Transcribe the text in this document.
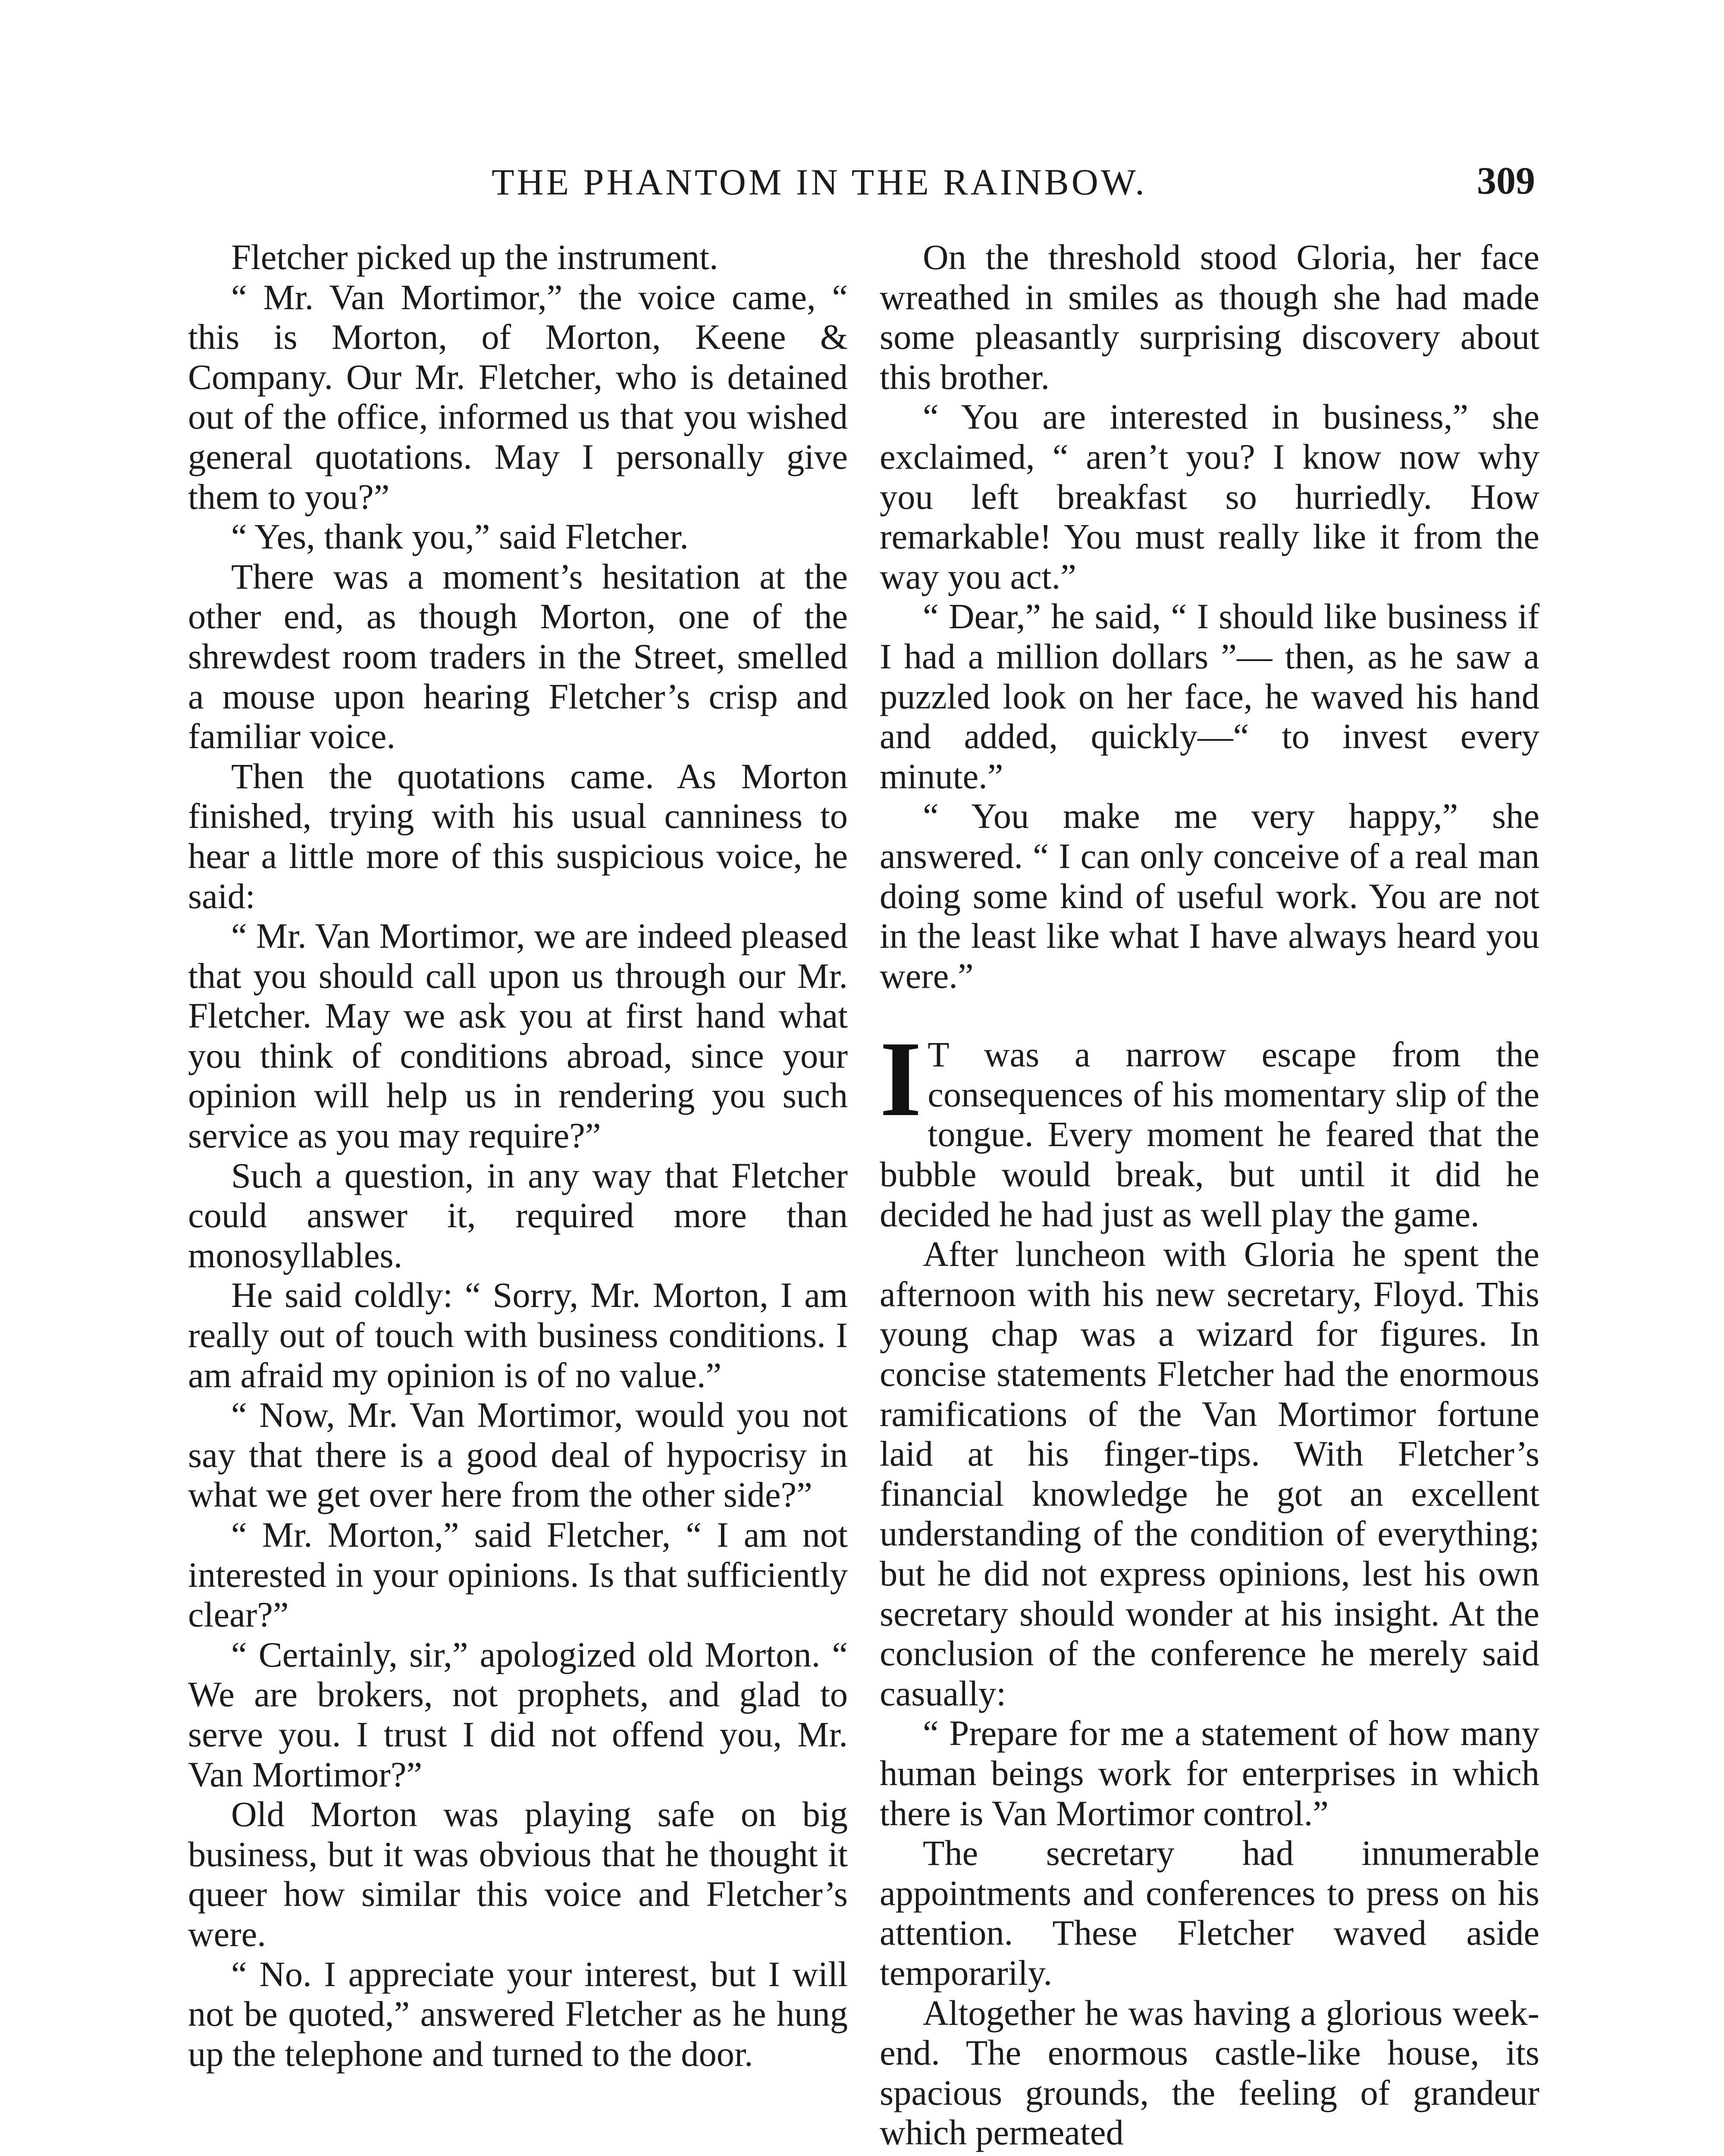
THE PHANTOM IN THE RAINBOW.	309

Fletcher picked up the instrument.

“ Mr. Van Mortimor,” the voice came, “ this is Morton, of Morton, Keene & Company. Our Mr. Fletcher, who is detained out of the office, informed us that you wished general quotations. May I personally give them to you?”

“ Yes, thank you,” said Fletcher.

There was a moment’s hesitation at the other end, as though Morton, one of the shrewdest room traders in the Street, smelled a mouse upon hearing Fletcher’s crisp and familiar voice.

Then the quotations came. As Morton finished, trying with his usual canniness to hear a little more of this suspicious voice, he said:

“ Mr. Van Mortimor, we are indeed pleased that you should call upon us through our Mr. Fletcher. May we ask you at first hand what you think of conditions abroad, since your opinion will help us in rendering you such service as you may require?”

Such a question, in any way that Fletcher could answer it, required more than monosyllables.

He said coldly: “ Sorry, Mr. Morton, I am really out of touch with business conditions. I am afraid my opinion is of no value.”

“ Now, Mr. Van Mortimor, would you not say that there is a good deal of hypocrisy in what we get over here from the other side?”

“ Mr. Morton,” said Fletcher, “ I am not interested in your opinions. Is that sufficiently clear?”

“ Certainly, sir,” apologized old Morton. “ We are brokers, not prophets, and glad to serve you. I trust I did not offend you, Mr. Van Mortimor?”

Old Morton was playing safe on big business, but it was obvious that he thought it queer how similar this voice and Fletcher’s were.

“ No. I appreciate your interest, but I will not be quoted,” answered Fletcher as he hung up the telephone and turned to the door.

On the threshold stood Gloria, her face wreathed in smiles as though she had made some pleasantly surprising discovery about this brother.

“ You are interested in business,” she exclaimed, “ aren’t you? I know now why you left breakfast so hurriedly. How remarkable! You must really like it from the way you act.”

“ Dear,” he said, “ I should like business if I had a million dollars ”— then, as he saw a puzzled look on her face, he waved his hand and added, quickly—“ to invest every minute.”

“ You make me very happy,” she answered. “ I can only conceive of a real man doing some kind of useful work. You are not in the least like what I have always heard you were.”

I T was a narrow escape from the consequences of his momentary slip of the tongue. Every moment he feared that the bubble would break, but until it did he decided he had just as well play the game.

After luncheon with Gloria he spent the afternoon with his new secretary, Floyd. This young chap was a wizard for figures. In concise statements Fletcher had the enormous ramifications of the Van Mortimor fortune laid at his finger-tips. With Fletcher’s financial knowledge he got an excellent understanding of the condition of everything; but he did not express opinions, lest his own secretary should wonder at his insight. At the conclusion of the conference he merely said casually:

“ Prepare for me a statement of how many human beings work for enterprises in which there is Van Mortimor control.”

The secretary had innumerable appointments and conferences to press on his attention. These Fletcher waved aside temporarily.

Altogether he was having a glorious week-end. The enormous castle-like house, its spacious grounds, the feeling of grandeur which permeated
